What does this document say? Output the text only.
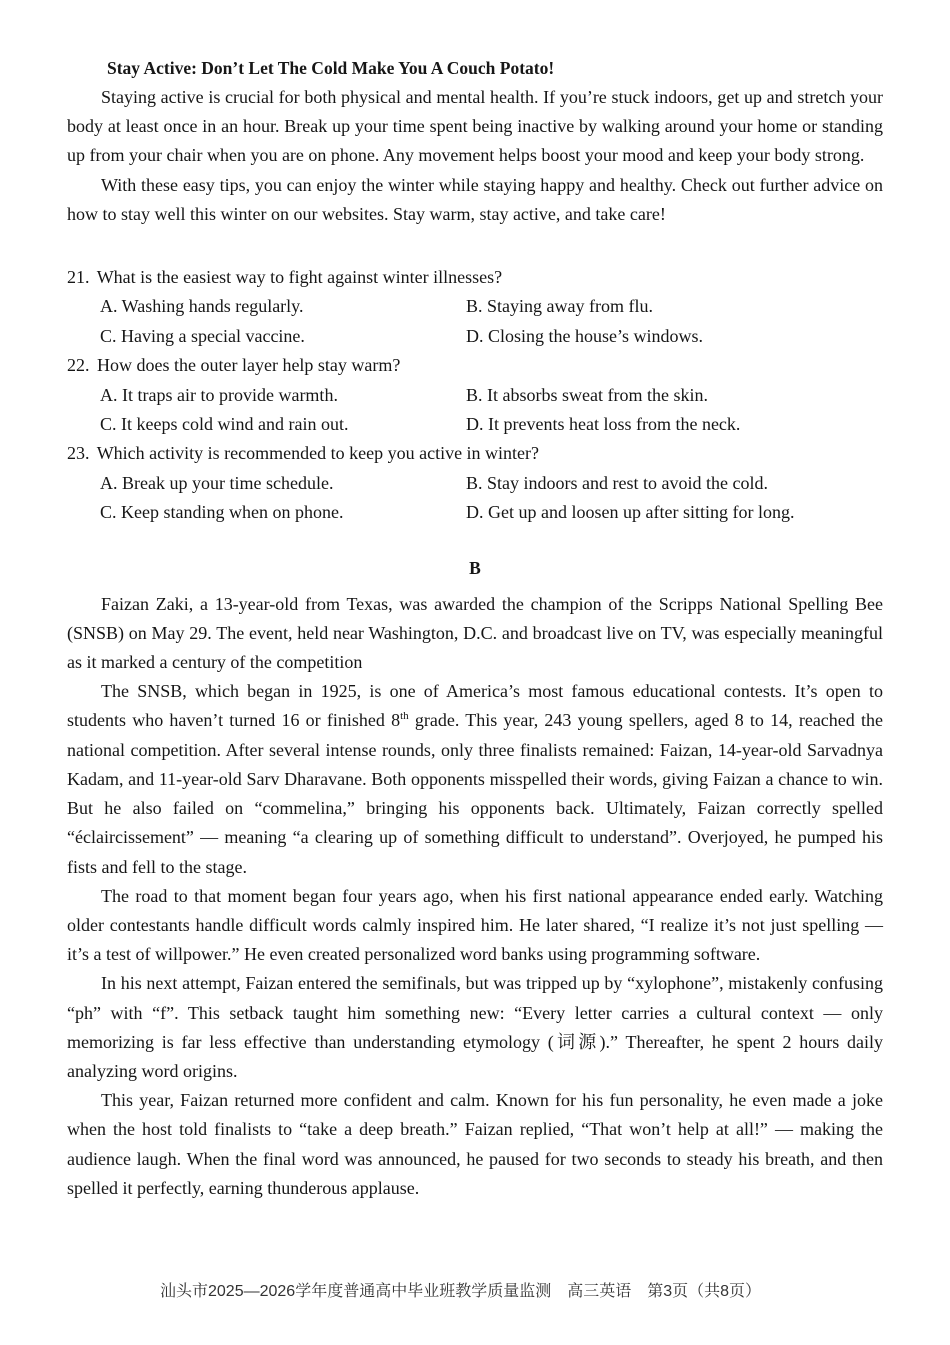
Stay Active: Don’t Let The Cold Make You A Couch Potato!

Staying active is crucial for both physical and mental health. If you’re stuck indoors, get up and stretch your body at least once in an hour. Break up your time spent being inactive by walking around your home or standing up from your chair when you are on phone. Any movement helps boost your mood and keep your body strong.

With these easy tips, you can enjoy the winter while staying happy and healthy. Check out further advice on how to stay well this winter on our websites. Stay warm, stay active, and take care!

21. What is the easiest way to fight against winter illnesses?
A. Washing hands regularly.	B. Staying away from flu.
C. Having a special vaccine.	D. Closing the house’s windows.
22. How does the outer layer help stay warm?
A. It traps air to provide warmth.	B. It absorbs sweat from the skin.
C. It keeps cold wind and rain out.	D. It prevents heat loss from the neck.
23. Which activity is recommended to keep you active in winter?
A. Break up your time schedule.	B. Stay indoors and rest to avoid the cold.
C. Keep standing when on phone.	D. Get up and loosen up after sitting for long.
B

Faizan Zaki, a 13-year-old from Texas, was awarded the champion of the Scripps National Spelling Bee (SNSB) on May 29. The event, held near Washington, D.C. and broadcast live on TV, was especially meaningful as it marked a century of the competition

The SNSB, which began in 1925, is one of America’s most famous educational contests. It’s open to students who haven’t turned 16 or finished 8th grade. This year, 243 young spellers, aged 8 to 14, reached the national competition. After several intense rounds, only three finalists remained: Faizan, 14-year-old Sarvadnya Kadam, and 11-year-old Sarv Dharavane. Both opponents misspelled their words, giving Faizan a chance to win. But he also failed on “commelina,” bringing his opponents back. Ultimately, Faizan correctly spelled “éclaircissement” — meaning “a clearing up of something difficult to understand”. Overjoyed, he pumped his fists and fell to the stage.

The road to that moment began four years ago, when his first national appearance ended early. Watching older contestants handle difficult words calmly inspired him. He later shared, “I realize it’s not just spelling — it’s a test of willpower.” He even created personalized word banks using programming software.

In his next attempt, Faizan entered the semifinals, but was tripped up by “xylophone”, mistakenly confusing “ph” with “f”. This setback taught him something new: “Every letter carries a cultural context — only memorizing is far less effective than understanding etymology (词源).” Thereafter, he spent 2 hours daily analyzing word origins.

This year, Faizan returned more confident and calm. Known for his fun personality, he even made a joke when the host told finalists to “take a deep breath.” Faizan replied, “That won’t help at all!” — making the audience laugh. When the final word was announced, he paused for two seconds to steady his breath, and then spelled it perfectly, earning thunderous applause.

汕头市2025—2026学年度普通高中毕业班教学质量监测　高三英语　第3页（共8页）
